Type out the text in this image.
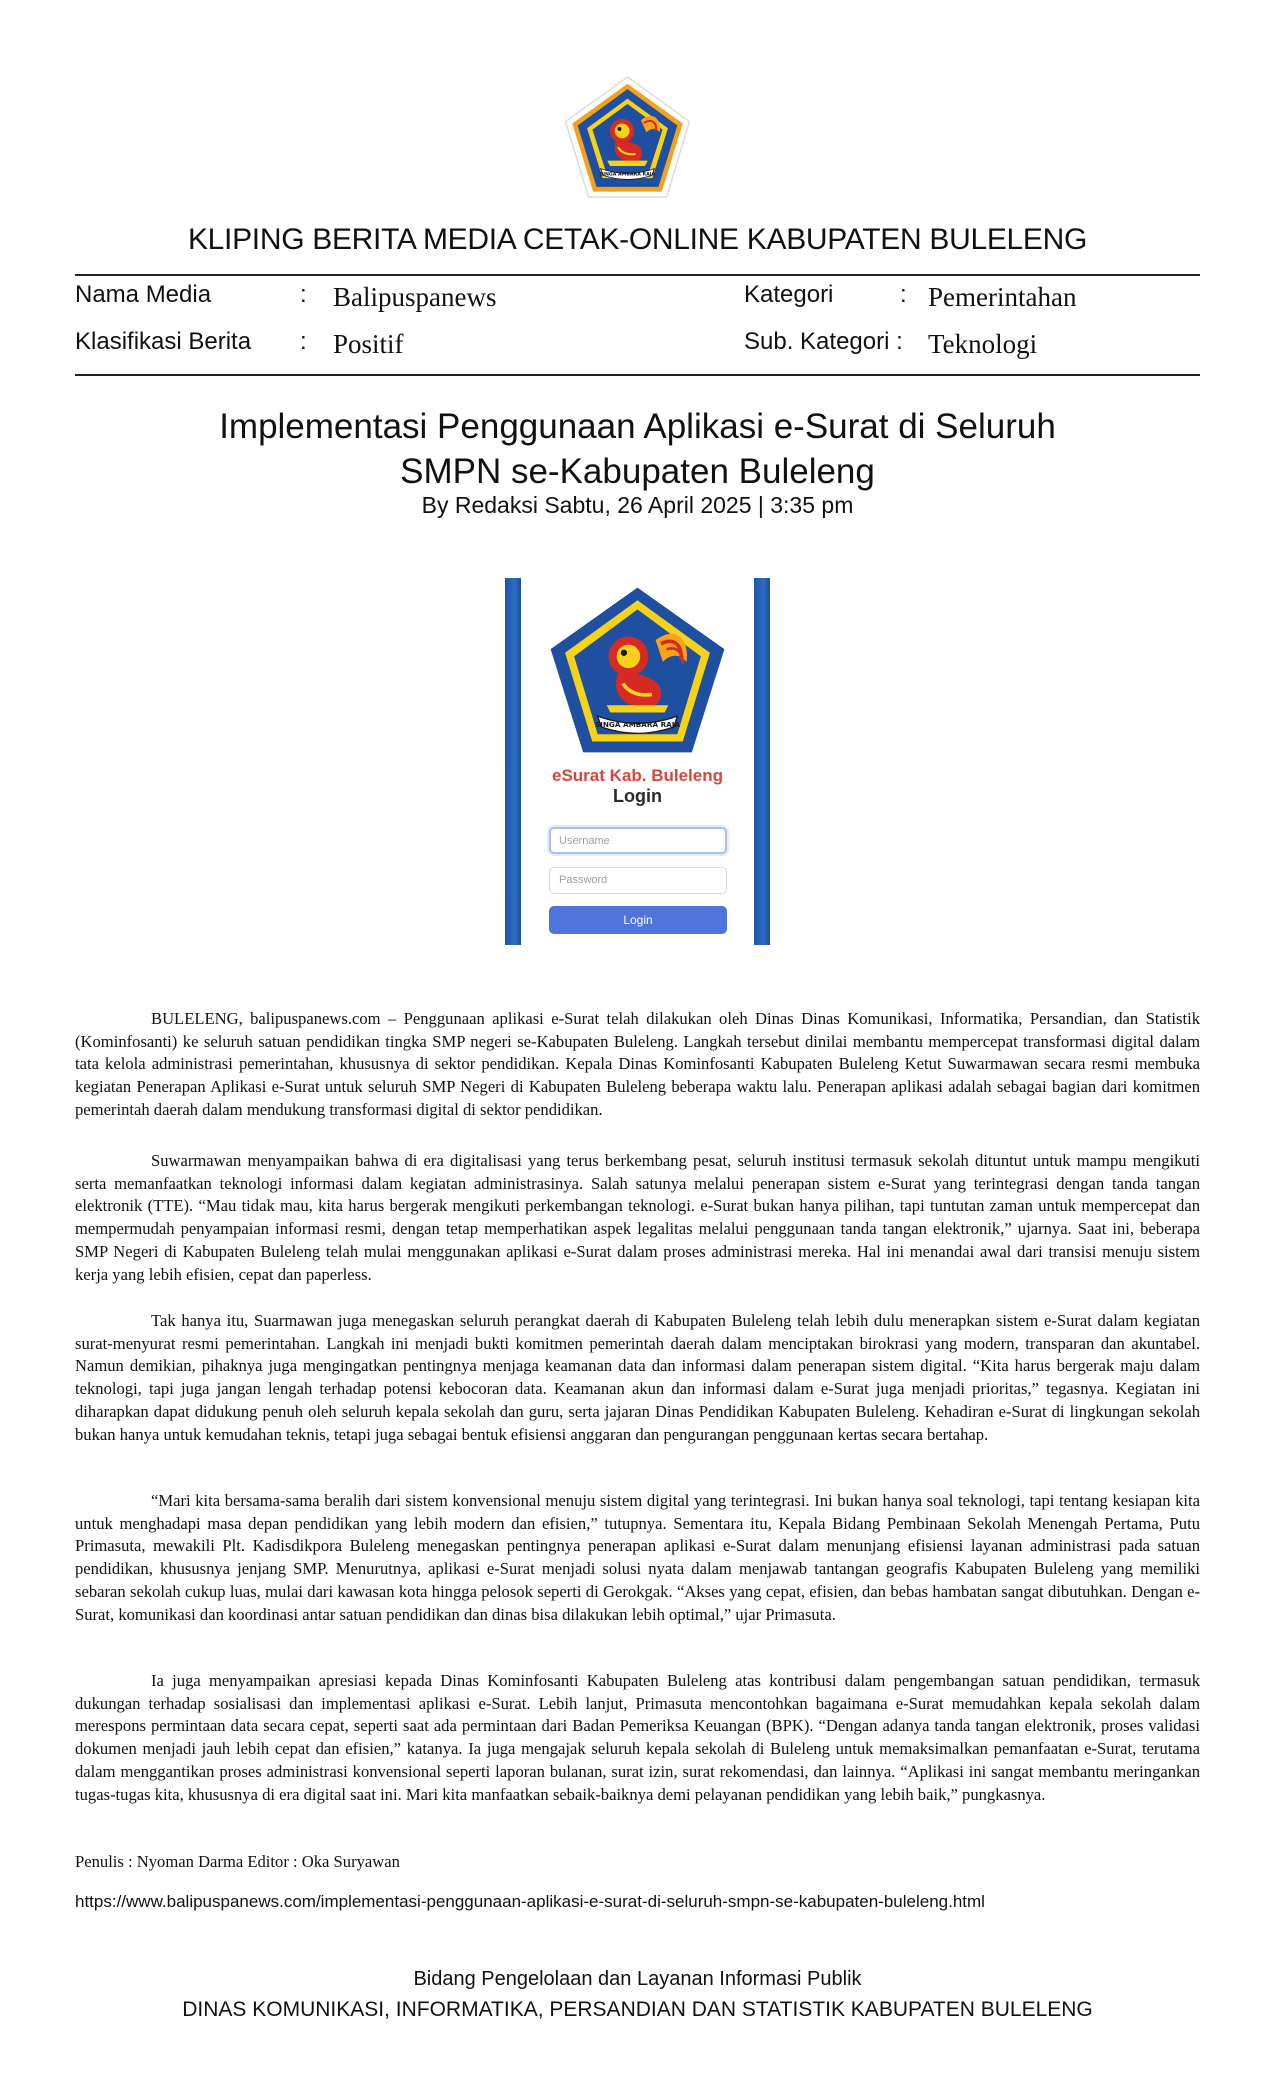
SINGA AMBARA RAJA
KLIPING BERITA MEDIA CETAK-ONLINE KABUPATEN BULELENG
Nama Media	: Balipuspanews
Klasifikasi Berita : Positif
Kategori	: Pemerintahan
Sub. Kategori : Teknologi
Implementasi Penggunaan Aplikasi e-Surat di Seluruh
SMPN se-Kabupaten Buleleng
By Redaksi Sabtu, 26 April 2025 | 3:35 pm
SINGA AMBARA RAJA
eSurat Kab. Buleleng
Login
Username
Password
Login

BULELENG, balipuspanews.com – Penggunaan aplikasi e-Surat telah dilakukan oleh Dinas Dinas Komunikasi, Informatika, Persandian, dan Statistik (Kominfosanti) ke seluruh satuan pendidikan tingka SMP negeri se-Kabupaten Buleleng. Langkah tersebut dinilai membantu mempercepat transformasi digital dalam tata kelola administrasi pemerintahan, khususnya di sektor pendidikan. Kepala Dinas Kominfosanti Kabupaten Buleleng Ketut Suwarmawan secara resmi membuka kegiatan Penerapan Aplikasi e-Surat untuk seluruh SMP Negeri di Kabupaten Buleleng beberapa waktu lalu. Penerapan aplikasi adalah sebagai bagian dari komitmen pemerintah daerah dalam mendukung transformasi digital di sektor pendidikan.

Suwarmawan menyampaikan bahwa di era digitalisasi yang terus berkembang pesat, seluruh institusi termasuk sekolah dituntut untuk mampu mengikuti serta memanfaatkan teknologi informasi dalam kegiatan administrasinya. Salah satunya melalui penerapan sistem e-Surat yang terintegrasi dengan tanda tangan elektronik (TTE). “Mau tidak mau, kita harus bergerak mengikuti perkembangan teknologi. e-Surat bukan hanya pilihan, tapi tuntutan zaman untuk mempercepat dan mempermudah penyampaian informasi resmi, dengan tetap memperhatikan aspek legalitas melalui penggunaan tanda tangan elektronik,” ujarnya. Saat ini, beberapa SMP Negeri di Kabupaten Buleleng telah mulai menggunakan aplikasi e-Surat dalam proses administrasi mereka. Hal ini menandai awal dari transisi menuju sistem kerja yang lebih efisien, cepat dan paperless.

Tak hanya itu, Suarmawan juga menegaskan seluruh perangkat daerah di Kabupaten Buleleng telah lebih dulu menerapkan sistem e-Surat dalam kegiatan surat-menyurat resmi pemerintahan. Langkah ini menjadi bukti komitmen pemerintah daerah dalam menciptakan birokrasi yang modern, transparan dan akuntabel. Namun demikian, pihaknya juga mengingatkan pentingnya menjaga keamanan data dan informasi dalam penerapan sistem digital. “Kita harus bergerak maju dalam teknologi, tapi juga jangan lengah terhadap potensi kebocoran data. Keamanan akun dan informasi dalam e-Surat juga menjadi prioritas,” tegasnya. Kegiatan ini diharapkan dapat didukung penuh oleh seluruh kepala sekolah dan guru, serta jajaran Dinas Pendidikan Kabupaten Buleleng. Kehadiran e-Surat di lingkungan sekolah bukan hanya untuk kemudahan teknis, tetapi juga sebagai bentuk efisiensi anggaran dan pengurangan penggunaan kertas secara bertahap.

“Mari kita bersama-sama beralih dari sistem konvensional menuju sistem digital yang terintegrasi. Ini bukan hanya soal teknologi, tapi tentang kesiapan kita untuk menghadapi masa depan pendidikan yang lebih modern dan efisien,” tutupnya. Sementara itu, Kepala Bidang Pembinaan Sekolah Menengah Pertama, Putu Primasuta, mewakili Plt. Kadisdikpora Buleleng menegaskan pentingnya penerapan aplikasi e-Surat dalam menunjang efisiensi layanan administrasi pada satuan pendidikan, khususnya jenjang SMP. Menurutnya, aplikasi e-Surat menjadi solusi nyata dalam menjawab tantangan geografis Kabupaten Buleleng yang memiliki sebaran sekolah cukup luas, mulai dari kawasan kota hingga pelosok seperti di Gerokgak. “Akses yang cepat, efisien, dan bebas hambatan sangat dibutuhkan. Dengan e-Surat, komunikasi dan koordinasi antar satuan pendidikan dan dinas bisa dilakukan lebih optimal,” ujar Primasuta.

Ia juga menyampaikan apresiasi kepada Dinas Kominfosanti Kabupaten Buleleng atas kontribusi dalam pengembangan satuan pendidikan, termasuk dukungan terhadap sosialisasi dan implementasi aplikasi e-Surat. Lebih lanjut, Primasuta mencontohkan bagaimana e-Surat memudahkan kepala sekolah dalam merespons permintaan data secara cepat, seperti saat ada permintaan dari Badan Pemeriksa Keuangan (BPK). “Dengan adanya tanda tangan elektronik, proses validasi dokumen menjadi jauh lebih cepat dan efisien,” katanya. Ia juga mengajak seluruh kepala sekolah di Buleleng untuk memaksimalkan pemanfaatan e-Surat, terutama dalam menggantikan proses administrasi konvensional seperti laporan bulanan, surat izin, surat rekomendasi, dan lainnya. “Aplikasi ini sangat membantu meringankan tugas-tugas kita, khususnya di era digital saat ini. Mari kita manfaatkan sebaik-baiknya demi pelayanan pendidikan yang lebih baik,” pungkasnya.

Penulis : Nyoman Darma Editor : Oka Suryawan
https://www.balipuspanews.com/implementasi-penggunaan-aplikasi-e-surat-di-seluruh-smpn-se-kabupaten-buleleng.html
Bidang Pengelolaan dan Layanan Informasi Publik
DINAS KOMUNIKASI, INFORMATIKA, PERSANDIAN DAN STATISTIK KABUPATEN BULELENG
